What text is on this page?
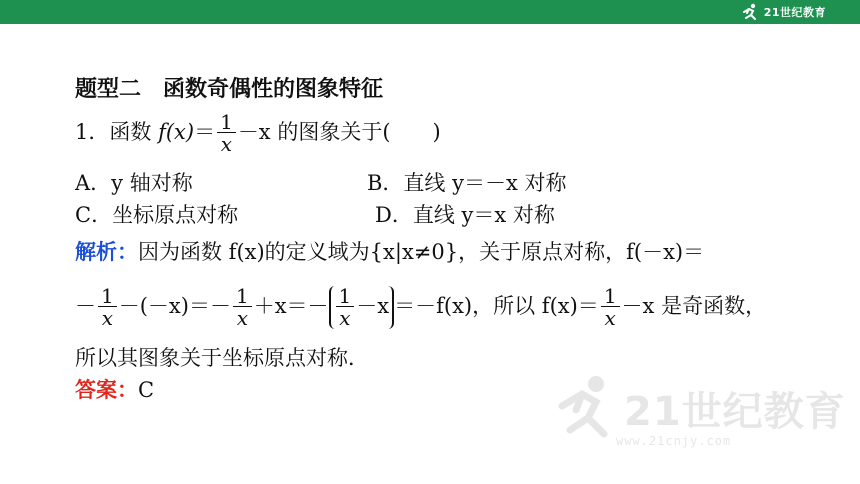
21世纪教育
21世纪教育
www.21cnjy.com
题型二 函数奇偶性的图象特征
1．函数 $f(x)= \frac{1}{x} -x$ 的图象关于(　　)
A．y 轴对称	B．直线 y＝－x 对称
C．坐标原点对称	D．直线 y＝x 对称
解析：因为函数 f(x)的定义域为{x|x≠0}，关于原点对称，f(－x)＝
－ $\frac{1}{x} -(-x)=- \frac{1}{x} +x=- \frac{1}{x} -x =-f(x)$，所以 $f(x)= \frac{1}{x} -x$ 是奇函数，
所以其图象关于坐标原点对称．
答案：C
